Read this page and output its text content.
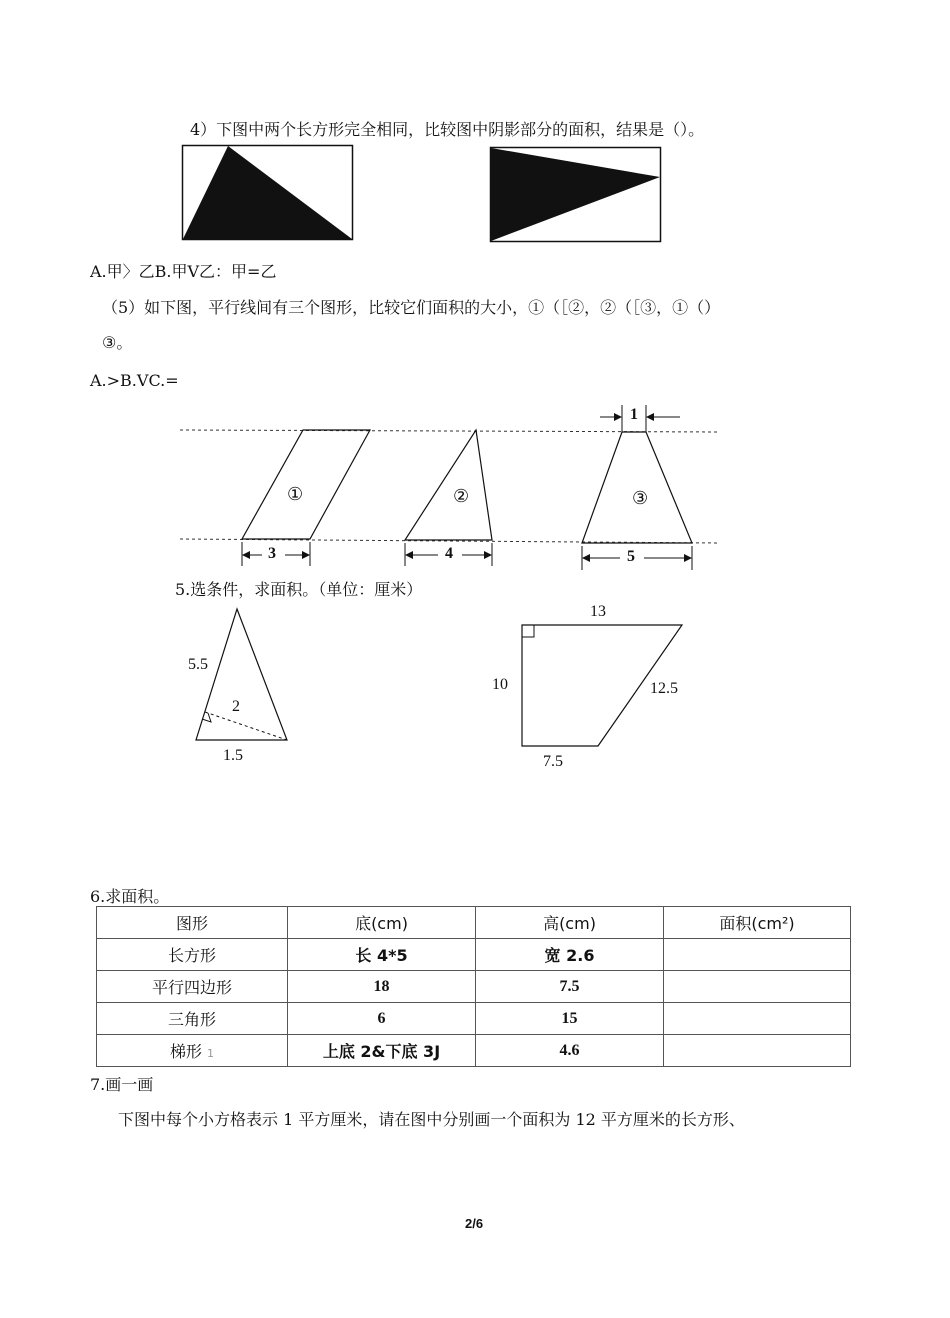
4）下图中两个长方形完全相同，比较图中阴影部分的面积，结果是（）。
A.甲〉乙B.甲V乙：甲=乙
（5）如下图，平行线间有三个图形，比较它们面积的大小，①（［②，②（［③，①（）
③。
A.>B.VC.=
①	②	③
3	4	5
1
5.选条件，求面积。（单位：厘米）
5.5
2
1.5
13
10	12.5
7.5
6.求面积。
图形	底(cm)	高(cm)	面积(cm²)
长方形	长 4*5	宽 2.6	
平行四边形	18	7.5	
三角形	6	15	
梯形 1	上底 2&下底 3J	4.6	
7.画一画
下图中每个小方格表示 1 平方厘米，请在图中分别画一个面积为 12 平方厘米的长方形、
2/6
